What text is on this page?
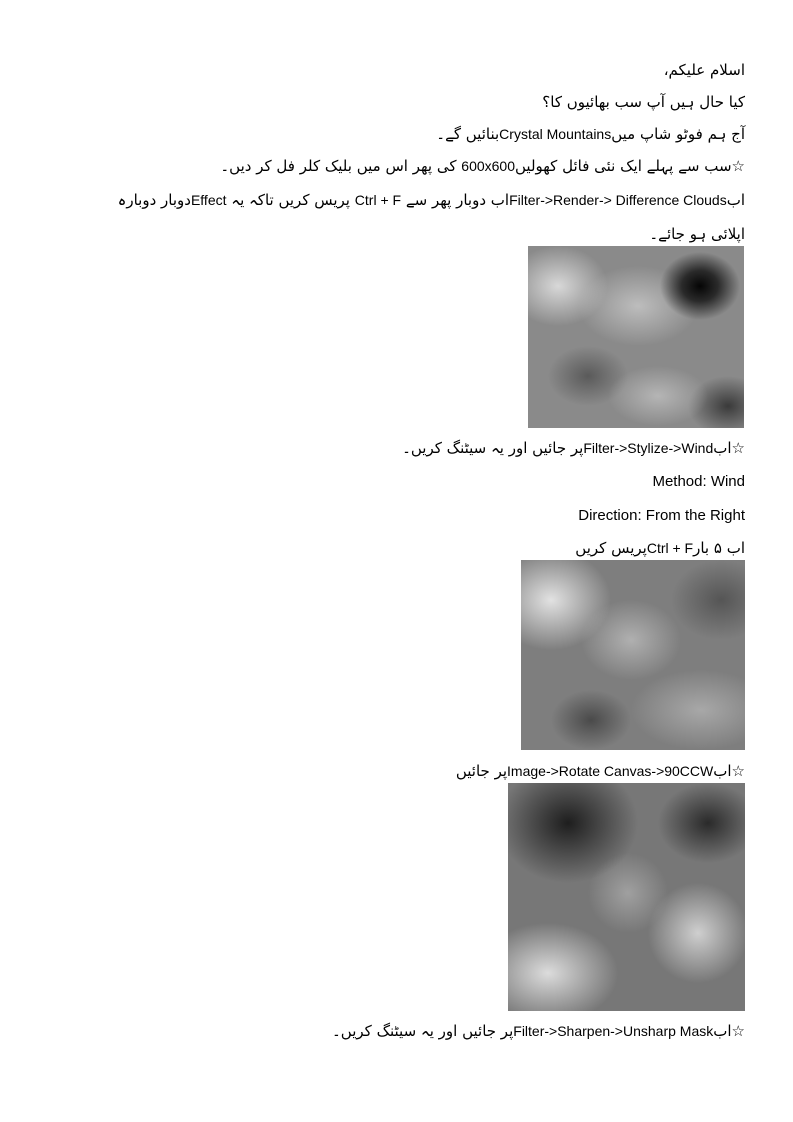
اسلام علیکم،
کیا حال ہیں آپ سب بھائیوں کا؟
آج ہم فوٹو شاپ میںCrystal Mountainsبنائیں گے۔
☆سب سے پہلے ایک نئی فائل کھولیں600x600 کی پھر اس میں بلیک کلر فل کر دیں۔
ابFilter->Render-> Difference Cloudsاب دوبار پھر سے Ctrl + F پریس کریں تاکہ یہ Effectدوبار دوبارہ
اپلائی ہو جائے۔
☆ابFilter->Stylize->Windپر جائیں اور یہ سیٹنگ کریں۔
Method: Wind
Direction: From the Right
اب ۵ بارCtrl + Fپریس کریں
☆ابImage->Rotate Canvas->90CCWپر جائیں
☆ابFilter->Sharpen->Unsharp Maskپر جائیں اور یہ سیٹنگ کریں۔
